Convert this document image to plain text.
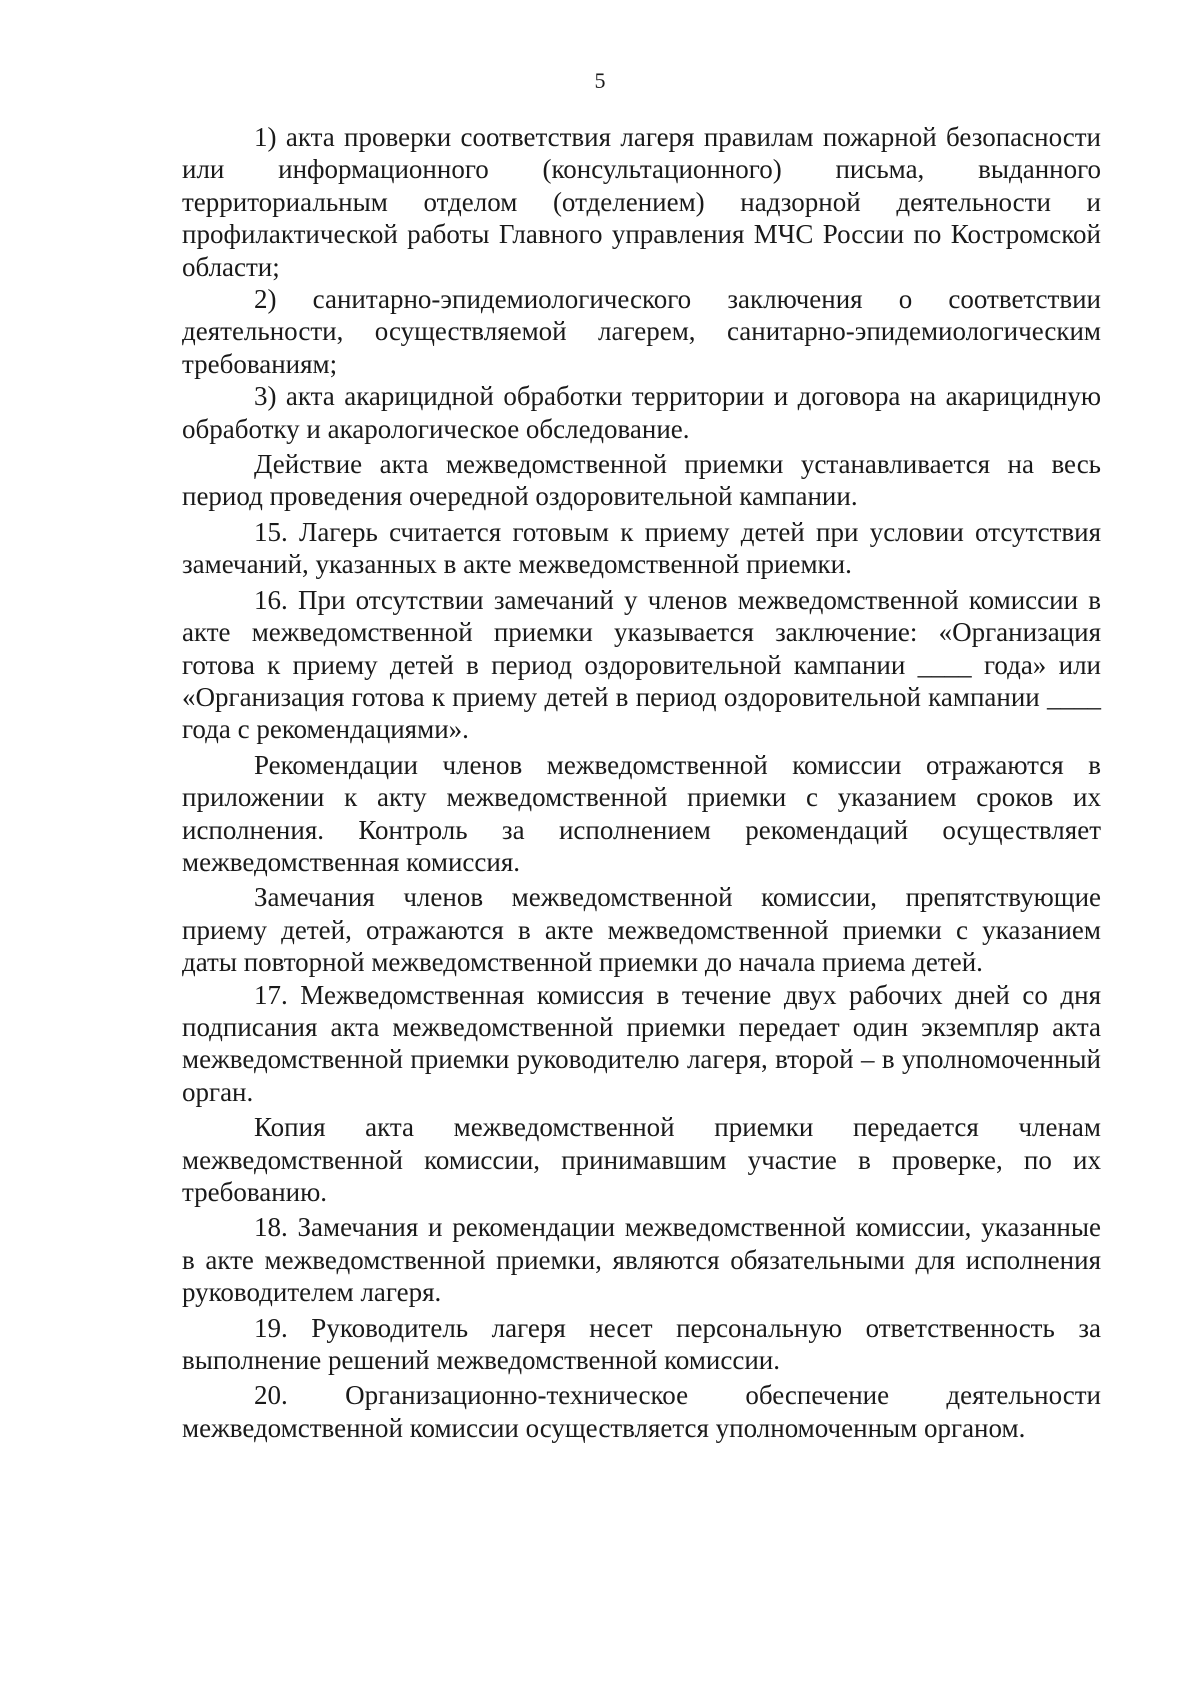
5

1) акта проверки соответствия лагеря правилам пожарной безопасности или информационного (консультационного) письма, выданного территориальным отделом (отделением) надзорной деятельности и профилактической работы Главного управления МЧС России по Костромской области;

2) санитарно-эпидемиологического заключения о соответствии деятельности, осуществляемой лагерем, санитарно-эпидемиологическим требованиям;

3) акта акарицидной обработки территории и договора на акарицидную обработку и акарологическое обследование.

Действие акта межведомственной приемки устанавливается на весь период проведения очередной оздоровительной кампании.

15. Лагерь считается готовым к приему детей при условии отсутствия замечаний, указанных в акте межведомственной приемки.

16. При отсутствии замечаний у членов межведомственной комиссии в акте межведомственной приемки указывается заключение: «Организация готова к приему детей в период оздоровительной кампании ____ года» или «Организация готова к приему детей в период оздоровительной кампании ____ года с рекомендациями».

Рекомендации членов межведомственной комиссии отражаются в приложении к акту межведомственной приемки с указанием сроков их исполнения. Контроль за исполнением рекомендаций осуществляет межведомственная комиссия.

Замечания членов межведомственной комиссии, препятствующие приему детей, отражаются в акте межведомственной приемки с указанием даты повторной межведомственной приемки до начала приема детей.

17. Межведомственная комиссия в течение двух рабочих дней со дня подписания акта межведомственной приемки передает один экземпляр акта межведомственной приемки руководителю лагеря, второй – в уполномоченный орган.

Копия акта межведомственной приемки передается членам межведомственной комиссии, принимавшим участие в проверке, по их требованию.

18. Замечания и рекомендации межведомственной комиссии, указанные в акте межведомственной приемки, являются обязательными для исполнения руководителем лагеря.

19. Руководитель лагеря несет персональную ответственность за выполнение решений межведомственной комиссии.

20. Организационно-техническое обеспечение деятельности межведомственной комиссии осуществляется уполномоченным органом.
